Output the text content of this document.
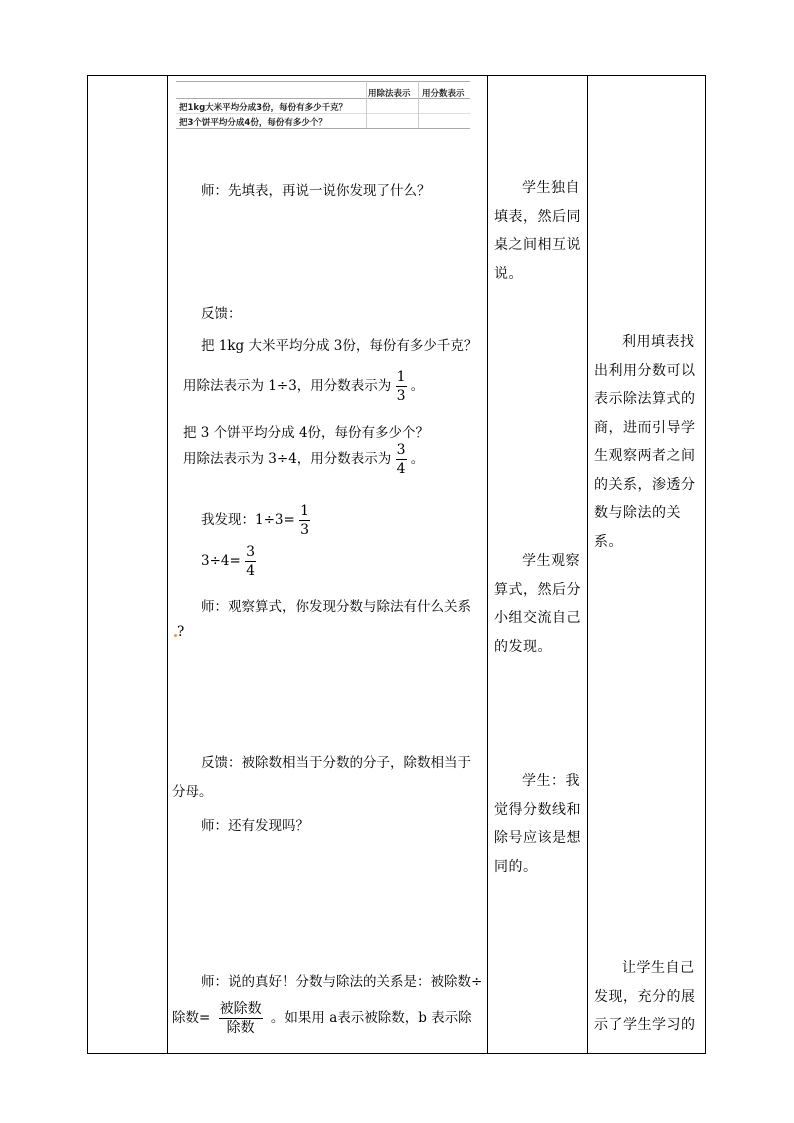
用除法表示 用分数表示
把1kg大米平均分成3份，每份有多少千克？
把3个饼平均分成4份，每份有多少个？
师：先填表，再说一说你发现了什么？
反馈：
把 1kg 大米平均分成 3份，每份有多少千克？
用除法表示为 1÷3，用分数表示为 $\frac{1}{3}$ 。
把 3 个饼平均分成 4份，每份有多少个？
用除法表示为 3÷4，用分数表示为 $\frac{3}{4}$ 。
我发现：$1\div 3= \frac{1}{3}$
$3\div 4= \frac{3}{4}$
师：观察算式，你发现分数与除法有什么关系
?
反馈：被除数相当于分数的分子，除数相当于
分母。
师：还有发现吗？
师：说的真好！分数与除法的关系是：被除数÷
除数= $\frac{\text{被除数}}{\text{除数}}$ 。如果用 a表示被除数，b 表示除
学生独自填表，然后同桌之间相互说说。
学生观察算式，然后分小组交流自己的发现。
学生：我觉得分数线和除号应该是想同的。
利用填表找出利用分数可以表示除法算式的商，进而引导学生观察两者之间的关系，渗透分数与除法的关系。
让学生自己发现，充分的展示了学生学习的
